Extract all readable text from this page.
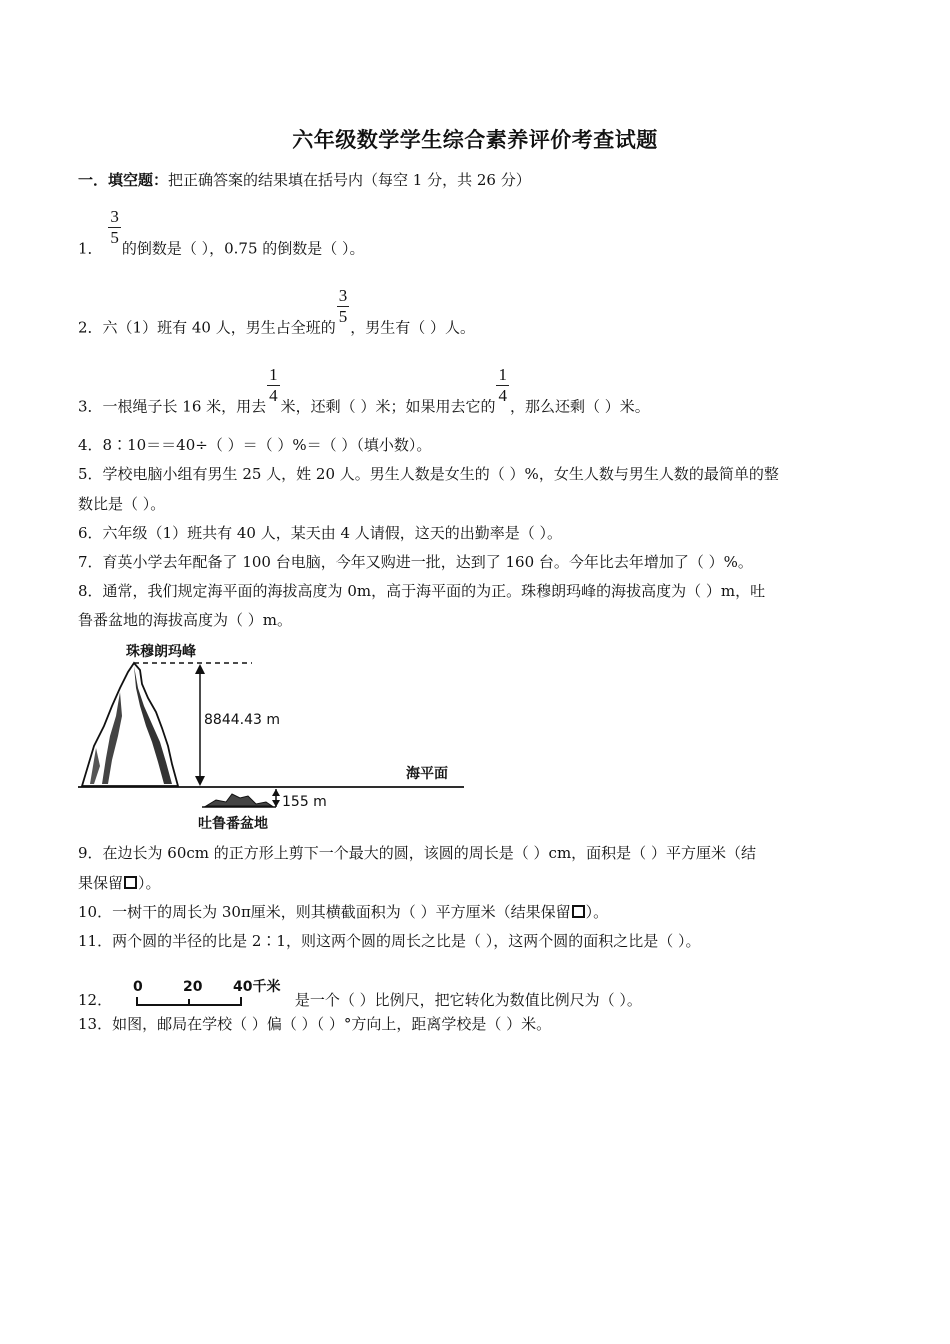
六年级数学学生综合素养评价考查试题
一．填空题：把正确答案的结果填在括号内（每空 1 分，共 26 分）
1．
$\frac{3}{5}$
的倒数是（ ），0.75 的倒数是（ ）。
2．六（1）班有 40 人，男生占全班的
$\frac{3}{5}$
，男生有（ ）人。
3．一根绳子长 16 米，用去
$\frac{1}{4}$
米，还剩（ ）米；如果用去它的
$\frac{1}{4}$
，那么还剩（ ）米。
4．8∶10＝＝40÷（ ）＝（ ）%＝（ ）（填小数）。
5．学校电脑小组有男生 25 人，姓 20 人。男生人数是女生的（ ）%，女生人数与男生人数的最简单的整
数比是（ ）。
6．六年级（1）班共有 40 人，某天由 4 人请假，这天的出勤率是（ ）。
7．育英小学去年配备了 100 台电脑，今年又购进一批，达到了 160 台。今年比去年增加了（ ）%。
8．通常，我们规定海平面的海拔高度为 0m，高于海平面的为正。珠穆朗玛峰的海拔高度为（ ）m，吐
鲁番盆地的海拔高度为（ ）m。
珠穆朗玛峰
8844.43 m
海平面
155 m
吐鲁番盆地
9．在边长为 60cm 的正方形上剪下一个最大的圆，该圆的周长是（ ）cm，面积是（ ）平方厘米（结
果保留 ）。
10．一树干的周长为 30π厘米，则其横截面积为（ ）平方厘米（结果保留 ）。
11．两个圆的半径的比是 2∶1，则这两个圆的周长之比是（ ），这两个圆的面积之比是（ ）。
12．
0	20 40千米
是一个（ ）比例尺，把它转化为数值比例尺为（ ）。
13．如图，邮局在学校（ ）偏（ ）（ ）°方向上，距离学校是（ ）米。
